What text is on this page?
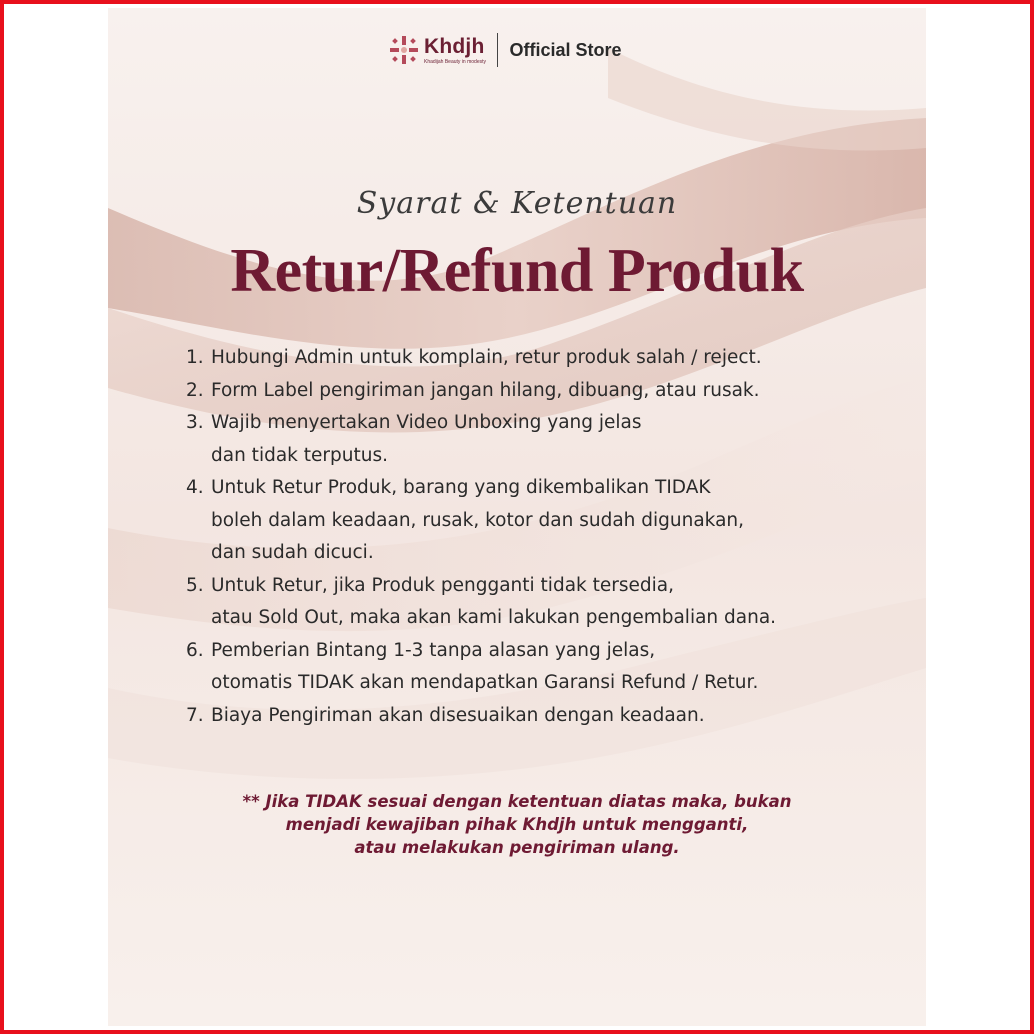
Khdjh
Khadijah Beauty in modesty
Official Store
Syarat & Ketentuan
Retur/Refund Produk
1. Hubungi Admin untuk komplain, retur produk salah / reject.
2. Form Label pengiriman jangan hilang, dibuang, atau rusak.
3. Wajib menyertakan Video Unboxing yang jelas
dan tidak terputus.
4. Untuk Retur Produk, barang yang dikembalikan TIDAK
boleh dalam keadaan, rusak, kotor dan sudah digunakan,
dan sudah dicuci.
5. Untuk Retur, jika Produk pengganti tidak tersedia,
atau Sold Out, maka akan kami lakukan pengembalian dana.
6. Pemberian Bintang 1-3 tanpa alasan yang jelas,
otomatis TIDAK akan mendapatkan Garansi Refund / Retur.
7. Biaya Pengiriman akan disesuaikan dengan keadaan.
** Jika TIDAK sesuai dengan ketentuan diatas maka, bukan
menjadi kewajiban pihak Khdjh untuk mengganti,
atau melakukan pengiriman ulang.
